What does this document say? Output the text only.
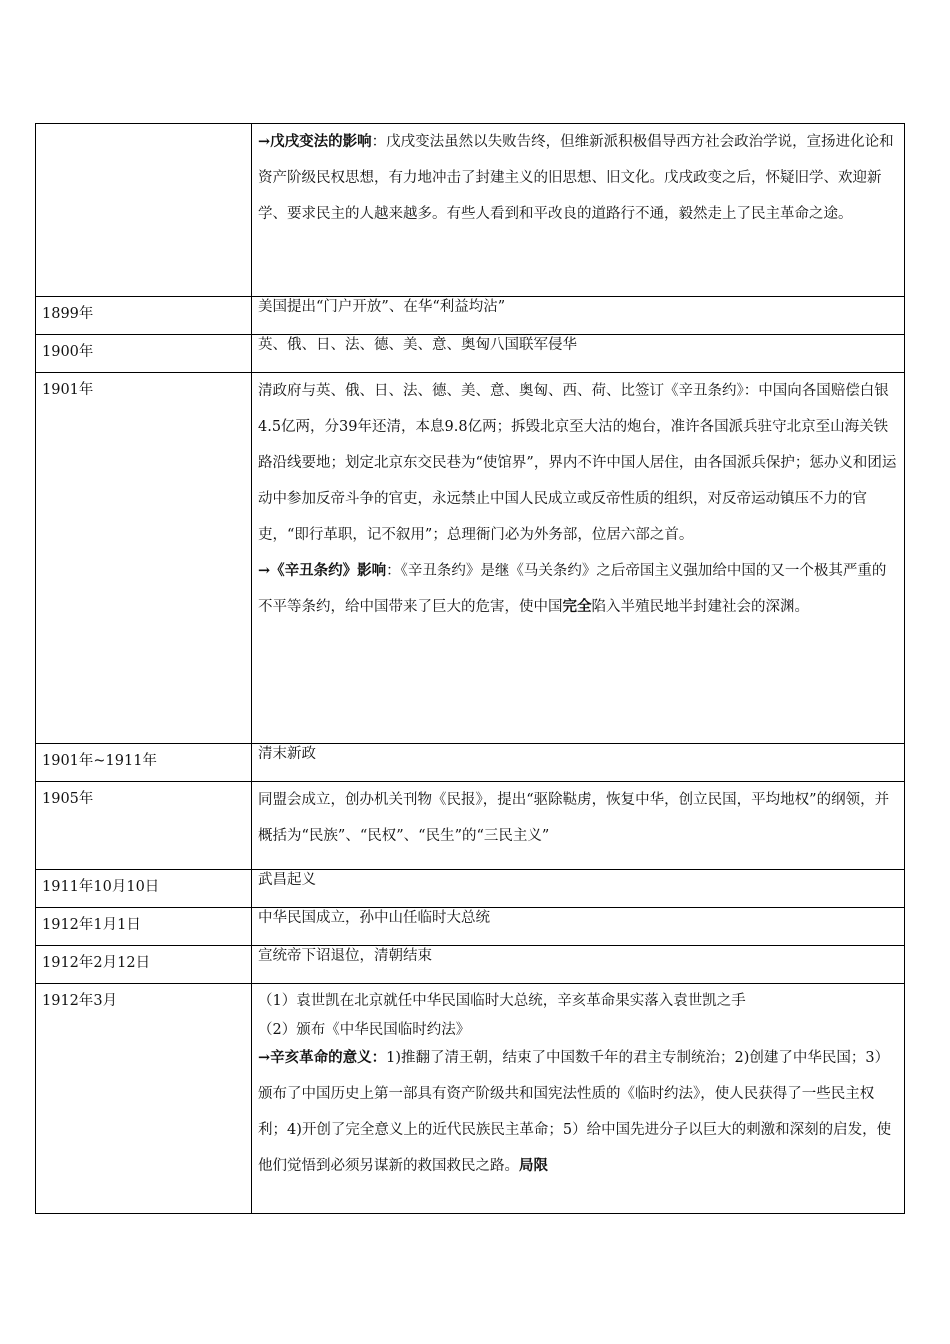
	→戊戌变法的影响：戊戌变法虽然以失败告终，但维新派积极倡导西方社会政治学说，宣扬进化论和资产阶级民权思想，有力地冲击了封建主义的旧思想、旧文化。戊戌政变之后，怀疑旧学、欢迎新学、要求民主的人越来越多。有些人看到和平改良的道路行不通，毅然走上了民主革命之途。

1899年	美国提出“门户开放”、在华“利益均沾”
1900年	英、俄、日、法、德、美、意、奥匈八国联军侵华
1901年	清政府与英、俄、日、法、德、美、意、奥匈、西、荷、比签订《辛丑条约》：中国向各国赔偿白银4.5亿两，分39年还清，本息9.8亿两；拆毁北京至大沽的炮台，准许各国派兵驻守北京至山海关铁路沿线要地；划定北京东交民巷为“使馆界”，界内不许中国人居住，由各国派兵保护；惩办义和团运动中参加反帝斗争的官吏，永远禁止中国人民成立或反帝性质的组织，对反帝运动镇压不力的官吏，“即行革职，记不叙用”；总理衙门必为外务部，位居六部之首。

→《辛丑条约》影响：《辛丑条约》是继《马关条约》之后帝国主义强加给中国的又一个极其严重的不平等条约，给中国带来了巨大的危害，使中国完全陷入半殖民地半封建社会的深渊。

1901年~1911年	清末新政
1905年	同盟会成立，创办机关刊物《民报》，提出“驱除鞑虏，恢复中华，创立民国，平均地权”的纲领，并概括为“民族”、“民权”、“民生”的“三民主义”
1911年10月10日	武昌起义
1912年1月1日	中华民国成立，孙中山任临时大总统
1912年2月12日	宣统帝下诏退位，清朝结束
1912年3月	（1）袁世凯在北京就任中华民国临时大总统，辛亥革命果实落入袁世凯之手

（2）颁布《中华民国临时约法》

→辛亥革命的意义：1)推翻了清王朝，结束了中国数千年的君主专制统治；2)创建了中华民国；3）颁布了中国历史上第一部具有资产阶级共和国宪法性质的《临时约法》，使人民获得了一些民主权利；4)开创了完全意义上的近代民族民主革命；5）给中国先进分子以巨大的刺激和深刻的启发，使他们觉悟到必须另谋新的救国救民之路。局限
